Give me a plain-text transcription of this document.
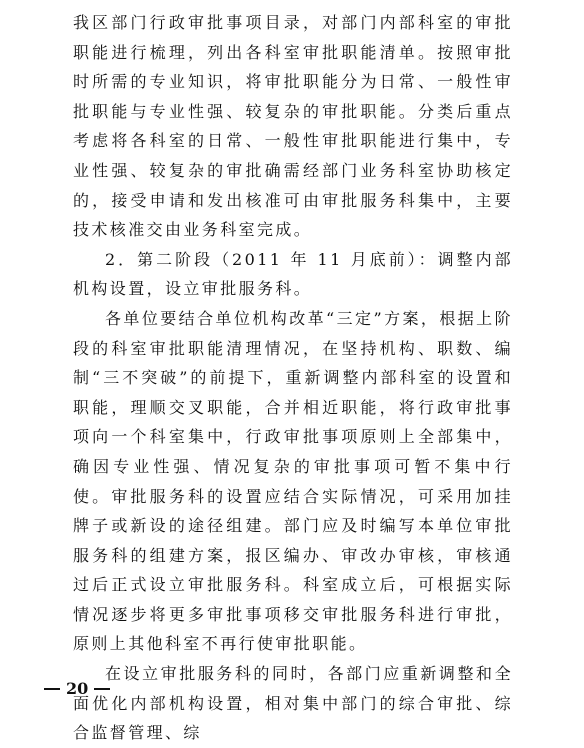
我区部门行政审批事项目录，对部门内部科室的审批职能进行梳理，列出各科室审批职能清单。按照审批时所需的专业知识，将审批职能分为日常、一般性审批职能与专业性强、较复杂的审批职能。分类后重点考虑将各科室的日常、一般性审批职能进行集中，专业性强、较复杂的审批确需经部门业务科室协助核定的，接受申请和发出核准可由审批服务科集中，主要技术核准交由业务科室完成。

2．第二阶段（2011 年 11 月底前）：调整内部机构设置，设立审批服务科。

各单位要结合单位机构改革“三定”方案，根据上阶段的科室审批职能清理情况，在坚持机构、职数、编制“三不突破”的前提下，重新调整内部科室的设置和职能，理顺交叉职能，合并相近职能，将行政审批事项向一个科室集中，行政审批事项原则上全部集中，确因专业性强、情况复杂的审批事项可暂不集中行使。审批服务科的设置应结合实际情况，可采用加挂牌子或新设的途径组建。部门应及时编写本单位审批服务科的组建方案，报区编办、审改办审核，审核通过后正式设立审批服务科。科室成立后，可根据实际情况逐步将更多审批事项移交审批服务科进行审批，原则上其他科室不再行使审批职能。

在设立审批服务科的同时，各部门应重新调整和全面优化内部机构设置，相对集中部门的综合审批、综合监督管理、综

20
